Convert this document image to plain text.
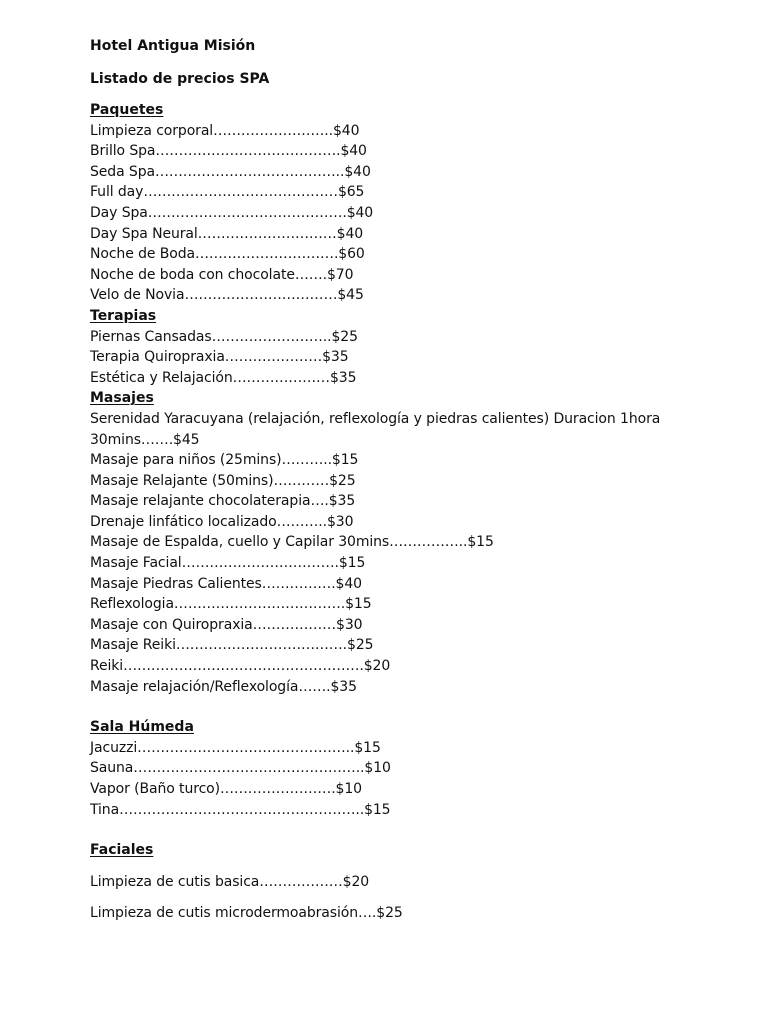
Hotel Antigua Misión
Listado de precios SPA
Paquetes
Limpieza corporal……………………..$40
Brillo Spa………………………………….$40
Seda Spa…………………………………..$40
Full day……………………………………$65
Day Spa…………………………………….$40
Day Spa Neural…………………………$40
Noche de Boda………………………….$60
Noche de boda con chocolate…….$70
Velo de Novia……………………………$45
Terapias
Piernas Cansadas……………………..$25
Terapia Quiropraxia…………………$35
Estética y Relajación…………………$35
Masajes
Serenidad Yaracuyana (relajación, reflexología y piedras calientes) Duracion 1hora 30mins…….$45
Masaje para niños (25mins)………..$15
Masaje Relajante (50mins)…………$25
Masaje relajante chocolaterapia….$35
Drenaje linfático localizado………..$30
Masaje de Espalda, cuello y Capilar 30mins……………..$15
Masaje Facial…………………………….$15
Masaje Piedras Calientes…………….$40
Reflexologia……………………………….$15
Masaje con Quiropraxia………………$30
Masaje Reiki……………………………….$25
Reiki…………………………………………….$20
Masaje relajación/Reflexología…….$35
Sala Húmeda
Jacuzzi………………………………………..$15
Sauna…………………………………………..$10
Vapor (Baño turco)…………………….$10
Tina……………………………………………..$15
Faciales
Limpieza de cutis basica………………$20
Limpieza de cutis microdermoabrasión….$25
